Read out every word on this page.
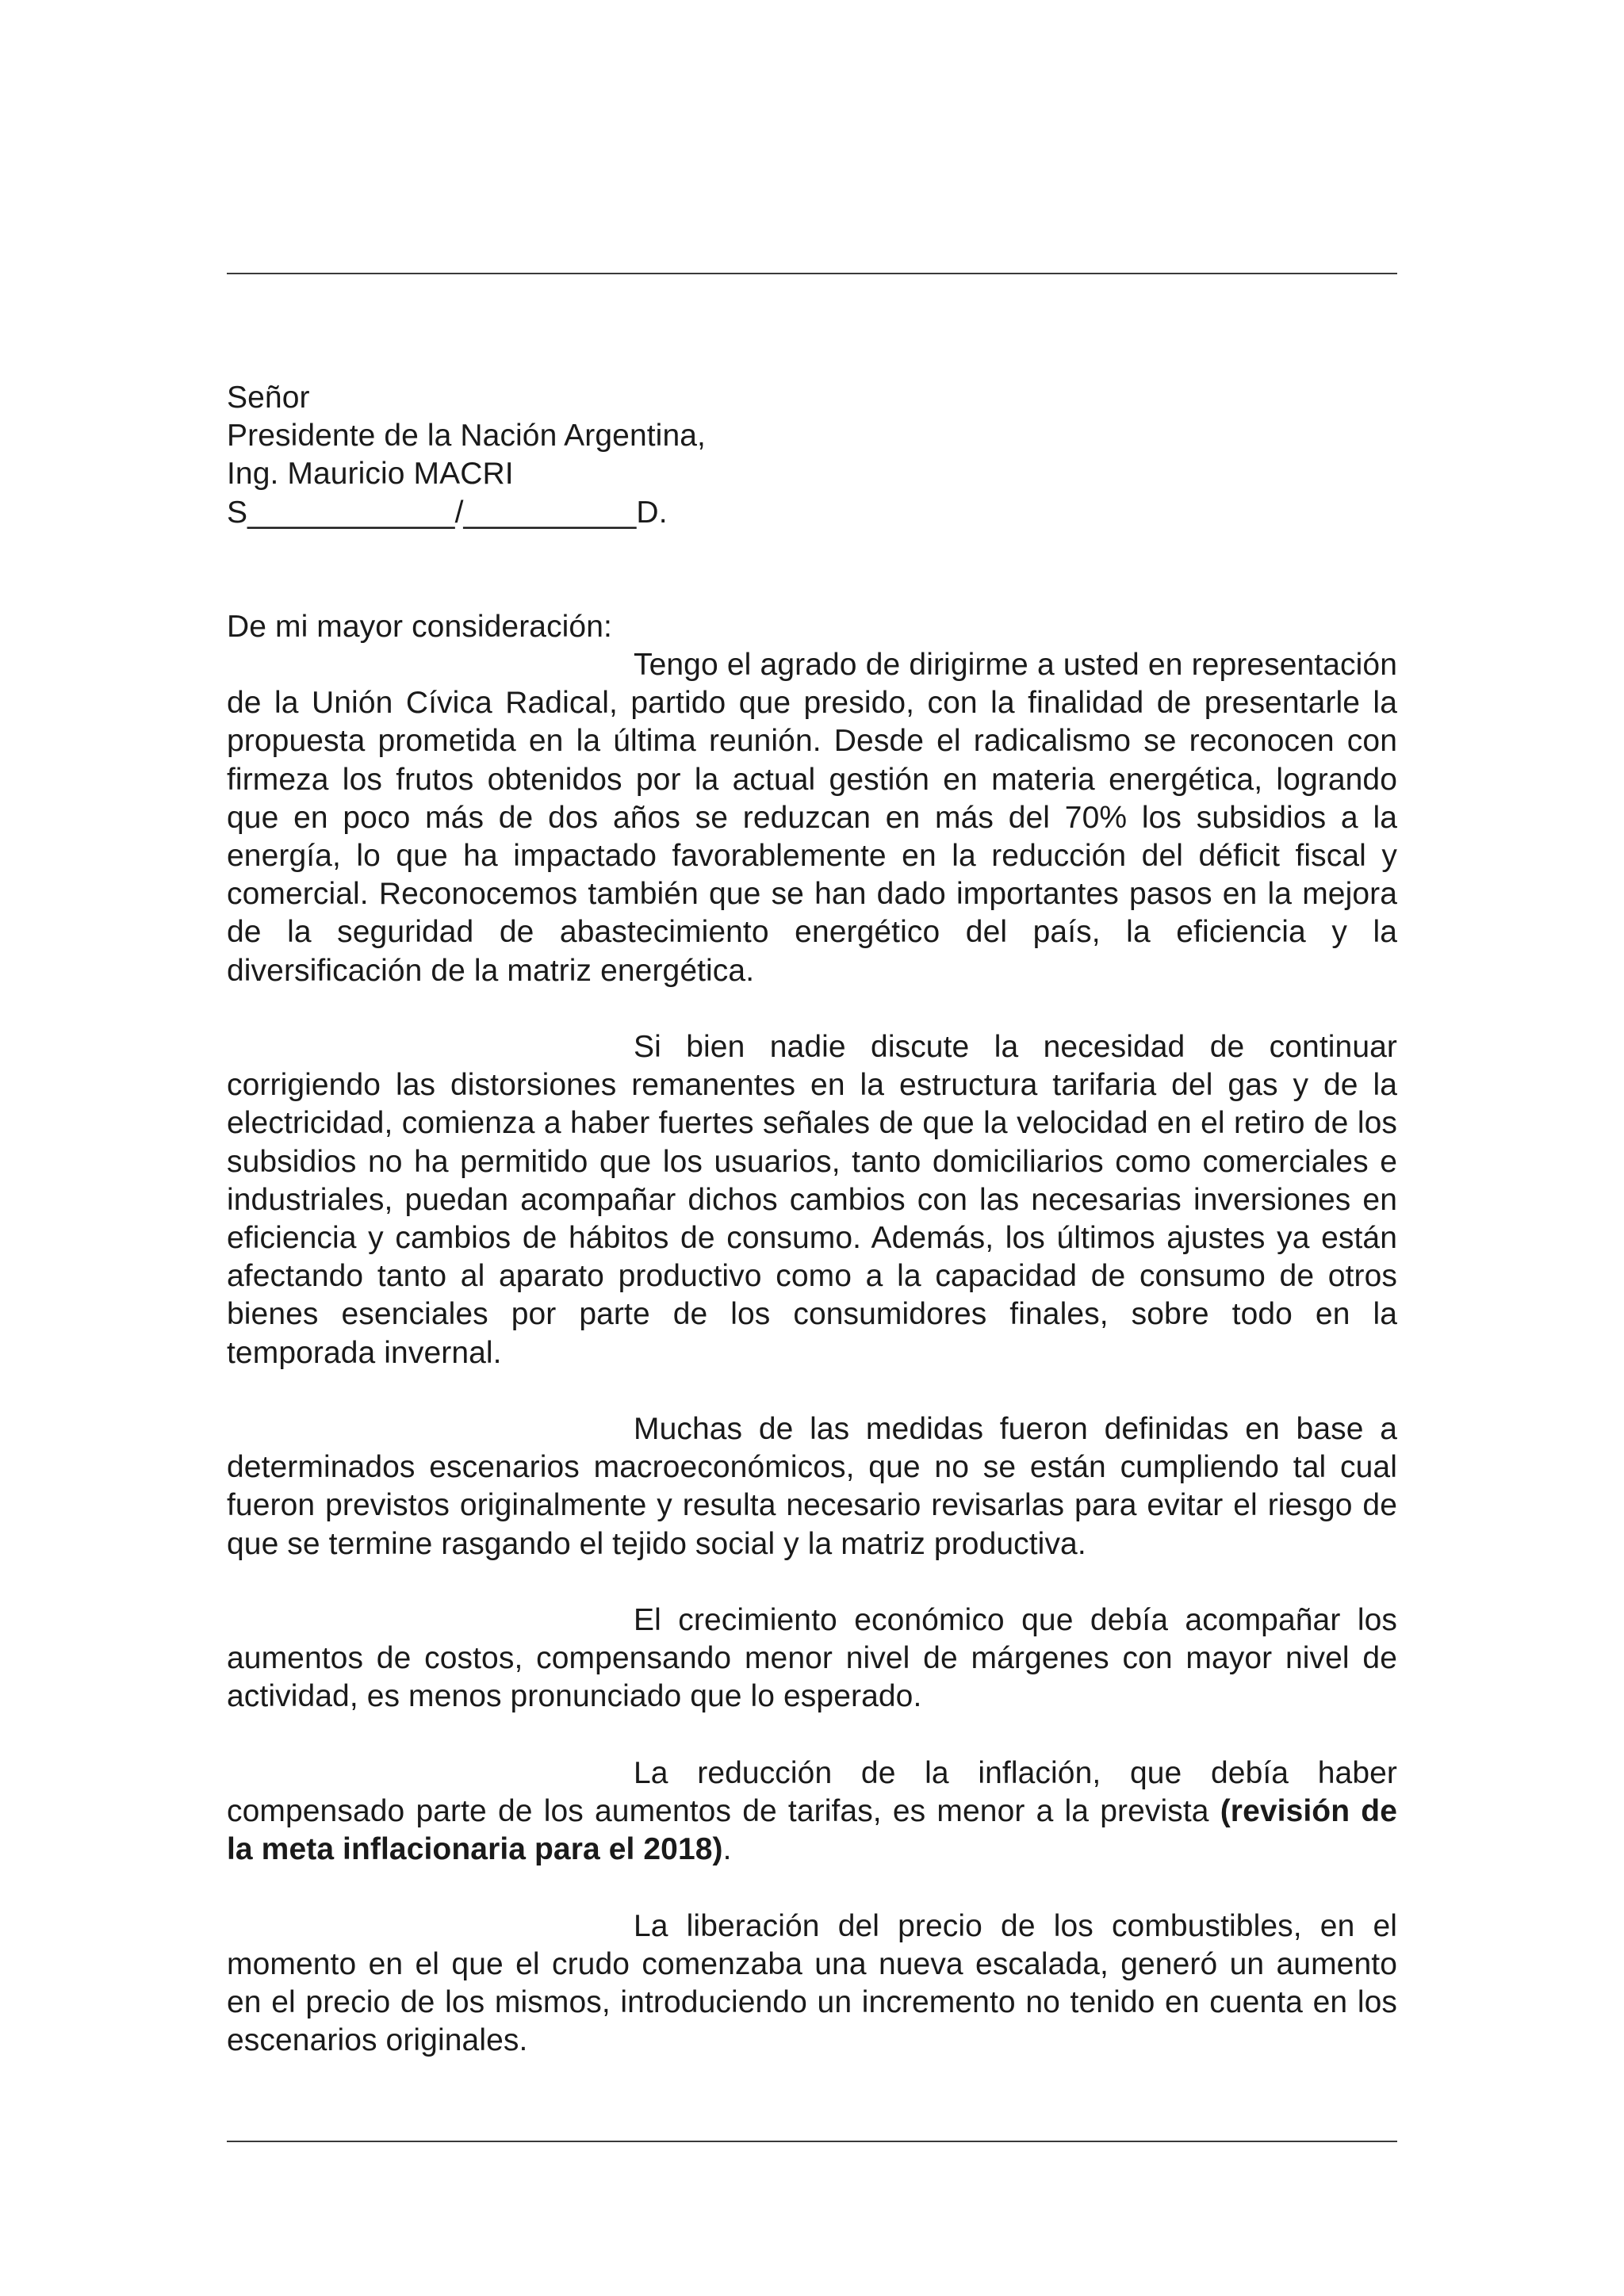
Señor
Presidente de la Nación Argentina,
Ing. Mauricio MACRI
S____________/__________D.

De mi mayor consideración:

Tengo el agrado de dirigirme a usted en representación de la Unión Cívica Radical, partido que presido, con la finalidad de presentarle la propuesta prometida en la última reunión. Desde el radicalismo se reconocen con firmeza los frutos obtenidos por la actual gestión en materia energética, logrando que en poco más de dos años se reduzcan en más del 70% los subsidios a la energía, lo que ha impactado favorablemente en la reducción del déficit fiscal y comercial. Reconocemos también que se han dado importantes pasos en la mejora de la seguridad de abastecimiento energético del país, la eficiencia y la diversificación de la matriz energética.

Si bien nadie discute la necesidad de continuar corrigiendo las distorsiones remanentes en la estructura tarifaria del gas y de la electricidad, comienza a haber fuertes señales de que la velocidad en el retiro de los subsidios no ha permitido que los usuarios, tanto domiciliarios como comerciales e industriales, puedan acompañar dichos cambios con las necesarias inversiones en eficiencia y cambios de hábitos de consumo. Además, los últimos ajustes ya están afectando tanto al aparato productivo como a la capacidad de consumo de otros bienes esenciales por parte de los consumidores finales, sobre todo en la temporada invernal.

Muchas de las medidas fueron definidas en base a determinados escenarios macroeconómicos, que no se están cumpliendo tal cual fueron previstos originalmente y resulta necesario revisarlas para evitar el riesgo de que se termine rasgando el tejido social y la matriz productiva.

El crecimiento económico que debía acompañar los aumentos de costos, compensando menor nivel de márgenes con mayor nivel de actividad, es menos pronunciado que lo esperado.

La reducción de la inflación, que debía haber compensado parte de los aumentos de tarifas, es menor a la prevista (revisión de la meta inflacionaria para el 2018).

La liberación del precio de los combustibles, en el momento en el que el crudo comenzaba una nueva escalada, generó un aumento en el precio de los mismos, introduciendo un incremento no tenido en cuenta en los escenarios originales.
